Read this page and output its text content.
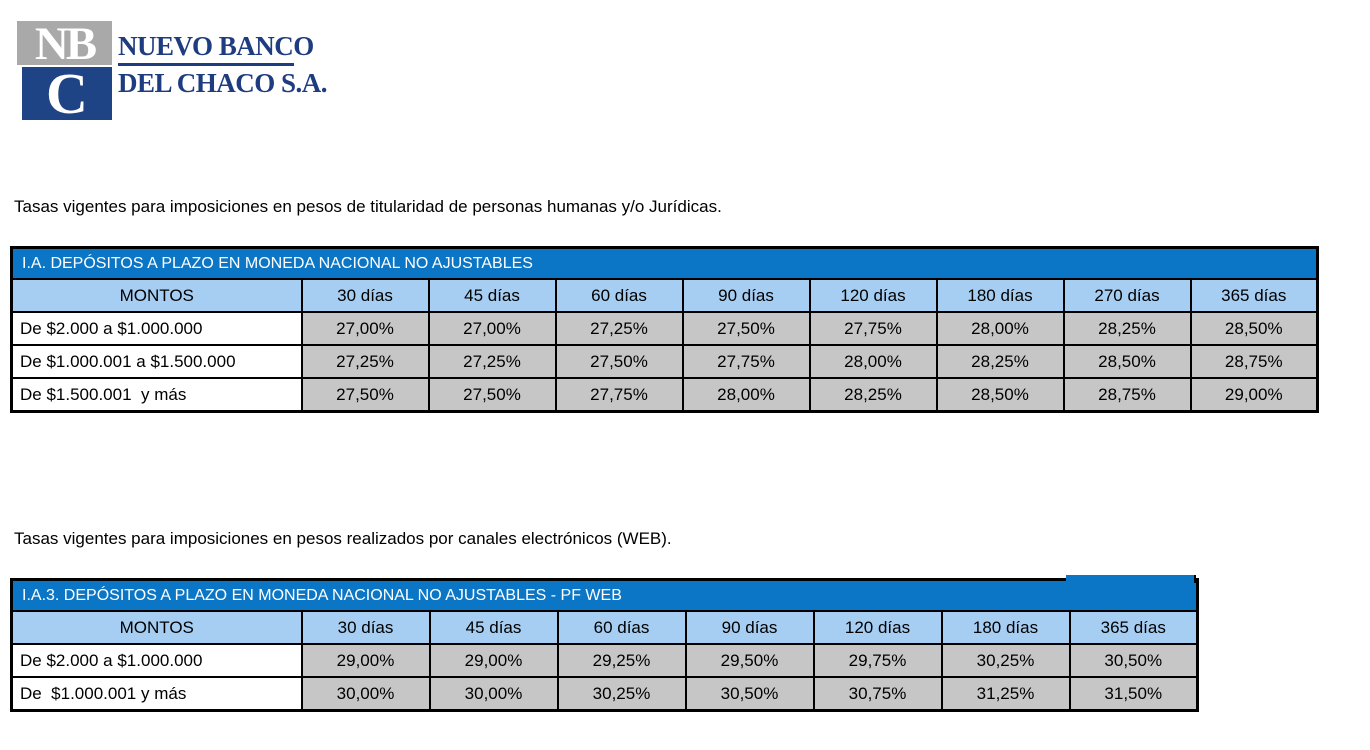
NB
C
NUEVO BANCO
DEL CHACO S.A.

Tasas vigentes para imposiciones en pesos de titularidad de personas humanas y/o Jurídicas.

I.A. DEPÓSITOS A PLAZO EN MONEDA NACIONAL NO AJUSTABLES								
MONTOS	30 días	45 días	60 días	90 días	120 días	180 días	270 días	365 días
De $2.000 a $1.000.000	27,00%	27,00%	27,25%	27,50%	27,75%	28,00%	28,25%	28,50%
De $1.000.001 a $1.500.000	27,25%	27,25%	27,50%	27,75%	28,00%	28,25%	28,50%	28,75%
De $1.500.001  y más	27,50%	27,50%	27,75%	28,00%	28,25%	28,50%	28,75%	29,00%

Tasas vigentes para imposiciones en pesos realizados por canales electrónicos (WEB).

I.A.3. DEPÓSITOS A PLAZO EN MONEDA NACIONAL NO AJUSTABLES - PF WEB							
MONTOS	30 días	45 días	60 días	90 días	120 días	180 días	365 días
De $2.000 a $1.000.000	29,00%	29,00%	29,25%	29,50%	29,75%	30,25%	30,50%
De  $1.000.001 y más	30,00%	30,00%	30,25%	30,50%	30,75%	31,25%	31,50%
